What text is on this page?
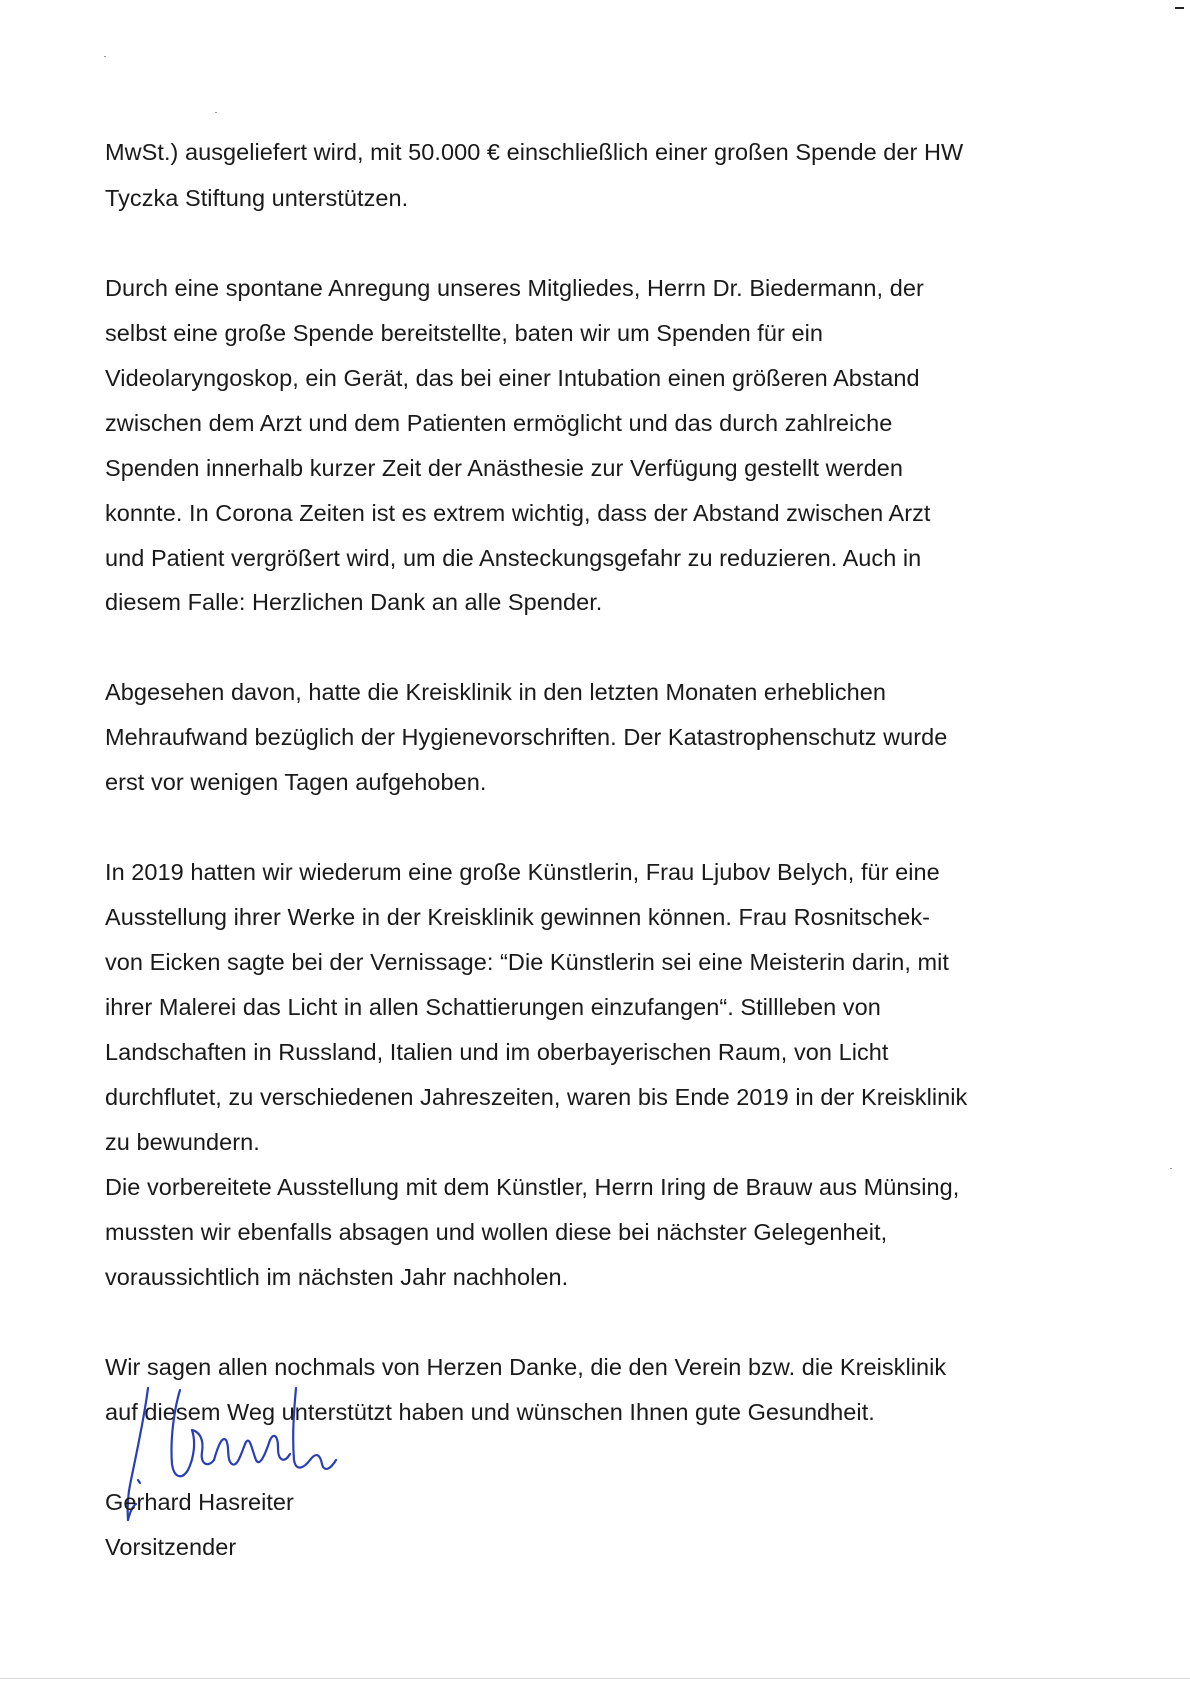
MwSt.) ausgeliefert wird, mit 50.000 € einschließlich einer großen Spende der HW
Tyczka Stiftung unterstützen.
Durch eine spontane Anregung unseres Mitgliedes, Herrn Dr. Biedermann, der
selbst eine große Spende bereitstellte, baten wir um Spenden für ein
Videolaryngoskop, ein Gerät, das bei einer Intubation einen größeren Abstand
zwischen dem Arzt und dem Patienten ermöglicht und das durch zahlreiche
Spenden innerhalb kurzer Zeit der Anästhesie zur Verfügung gestellt werden
konnte. In Corona Zeiten ist es extrem wichtig, dass der Abstand zwischen Arzt
und Patient vergrößert wird, um die Ansteckungsgefahr zu reduzieren. Auch in
diesem Falle: Herzlichen Dank an alle Spender.
Abgesehen davon, hatte die Kreisklinik in den letzten Monaten erheblichen
Mehraufwand bezüglich der Hygienevorschriften. Der Katastrophenschutz wurde
erst vor wenigen Tagen aufgehoben.
In 2019 hatten wir wiederum eine große Künstlerin, Frau Ljubov Belych, für eine
Ausstellung ihrer Werke in der Kreisklinik gewinnen können. Frau Rosnitschek-
von Eicken sagte bei der Vernissage: “Die Künstlerin sei eine Meisterin darin, mit
ihrer Malerei das Licht in allen Schattierungen einzufangen“. Stillleben von
Landschaften in Russland, Italien und im oberbayerischen Raum, von Licht
durchflutet, zu verschiedenen Jahreszeiten, waren bis Ende 2019 in der Kreisklinik
zu bewundern.
Die vorbereitete Ausstellung mit dem Künstler, Herrn Iring de Brauw aus Münsing,
mussten wir ebenfalls absagen und wollen diese bei nächster Gelegenheit,
voraussichtlich im nächsten Jahr nachholen.
Wir sagen allen nochmals von Herzen Danke, die den Verein bzw. die Kreisklinik
auf diesem Weg unterstützt haben und wünschen Ihnen gute Gesundheit.
Gerhard Hasreiter
Vorsitzender
